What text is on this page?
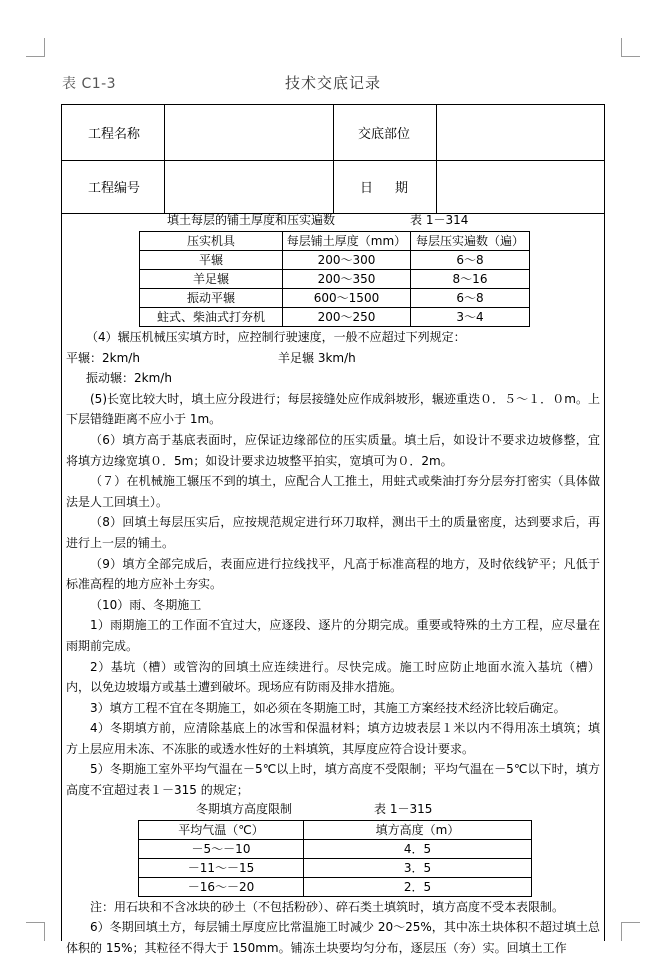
表 C1-3	技术交底记录
工程名称		交底部位	
工程编号		日期	
填土每层的铺土厚度和压实遍数	表 1－314
压实机具	每层铺土厚度（mm）	每层压实遍数（遍）
平辗	200～300	6～8
羊足辗	200～350	8～16
振动平辗	600～1500	6～8
蛀式、柴油式打夯机	200～250	3～4
（4）辗压机械压实填方时，应控制行驶速度，一般不应超过下列规定：
平辗：2km/h	羊足辗 3km/h
振动辗：2km/h
(5)长宽比较大时，填土应分段进行；每层接缝处应作成斜坡形，辗迹重迭０．５～１．０m。上下层错缝距离不应小于 1m。
（6）填方高于基底表面时，应保证边缘部位的压实质量。填土后，如设计不要求边坡修整，宜将填方边缘宽填０．5m；如设计要求边坡整平拍实，宽填可为０．2m。
（７）在机械施工辗压不到的填土，应配合人工推土，用蛀式或柴油打夯分层夯打密实（具体做法是人工回填土）。
（8）回填土每层压实后，应按规范规定进行环刀取样，测出干土的质量密度，达到要求后，再进行上一层的铺土。
（9）填方全部完成后，表面应进行拉线找平，凡高于标准高程的地方，及时依线铲平；凡低于标准高程的地方应补土夯实。
（10）雨、冬期施工
1）雨期施工的工作面不宜过大，应逐段、逐片的分期完成。重要或特殊的土方工程，应尽量在雨期前完成。
2）基坑（槽）或管沟的回填土应连续进行。尽快完成。施工时应防止地面水流入基坑（槽）内，以免边坡塌方或基土遭到破坏。现场应有防雨及排水措施。
3）填方工程不宜在冬期施工，如必须在冬期施工时，其施工方案经技术经济比较后确定。
4）冬期填方前，应清除基底上的冰雪和保温材料；填方边坡表层１米以内不得用冻土填筑；填方上层应用未冻、不冻胀的或透水性好的土料填筑，其厚度应符合设计要求。
5）冬期施工室外平均气温在－5℃以上时，填方高度不受限制；平均气温在－5℃以下时，填方高度不宜超过表１－315 的规定；
冬期填方高度限制	表 1－315
平均气温（℃）	填方高度（m）
－5～－10	4．5
－11～－15	3．5
－16～－20	2．5
注：用石块和不含冰块的砂土（不包括粉砂）、碎石类土填筑时，填方高度不受本表限制。
6）冬期回填土方，每层铺土厚度应比常温施工时减少 20～25%，其中冻土块体积不超过填土总体积的 15%；其粒径不得大于 150mm。铺冻土块要均匀分布，逐层压（夯）实。回填土工作
